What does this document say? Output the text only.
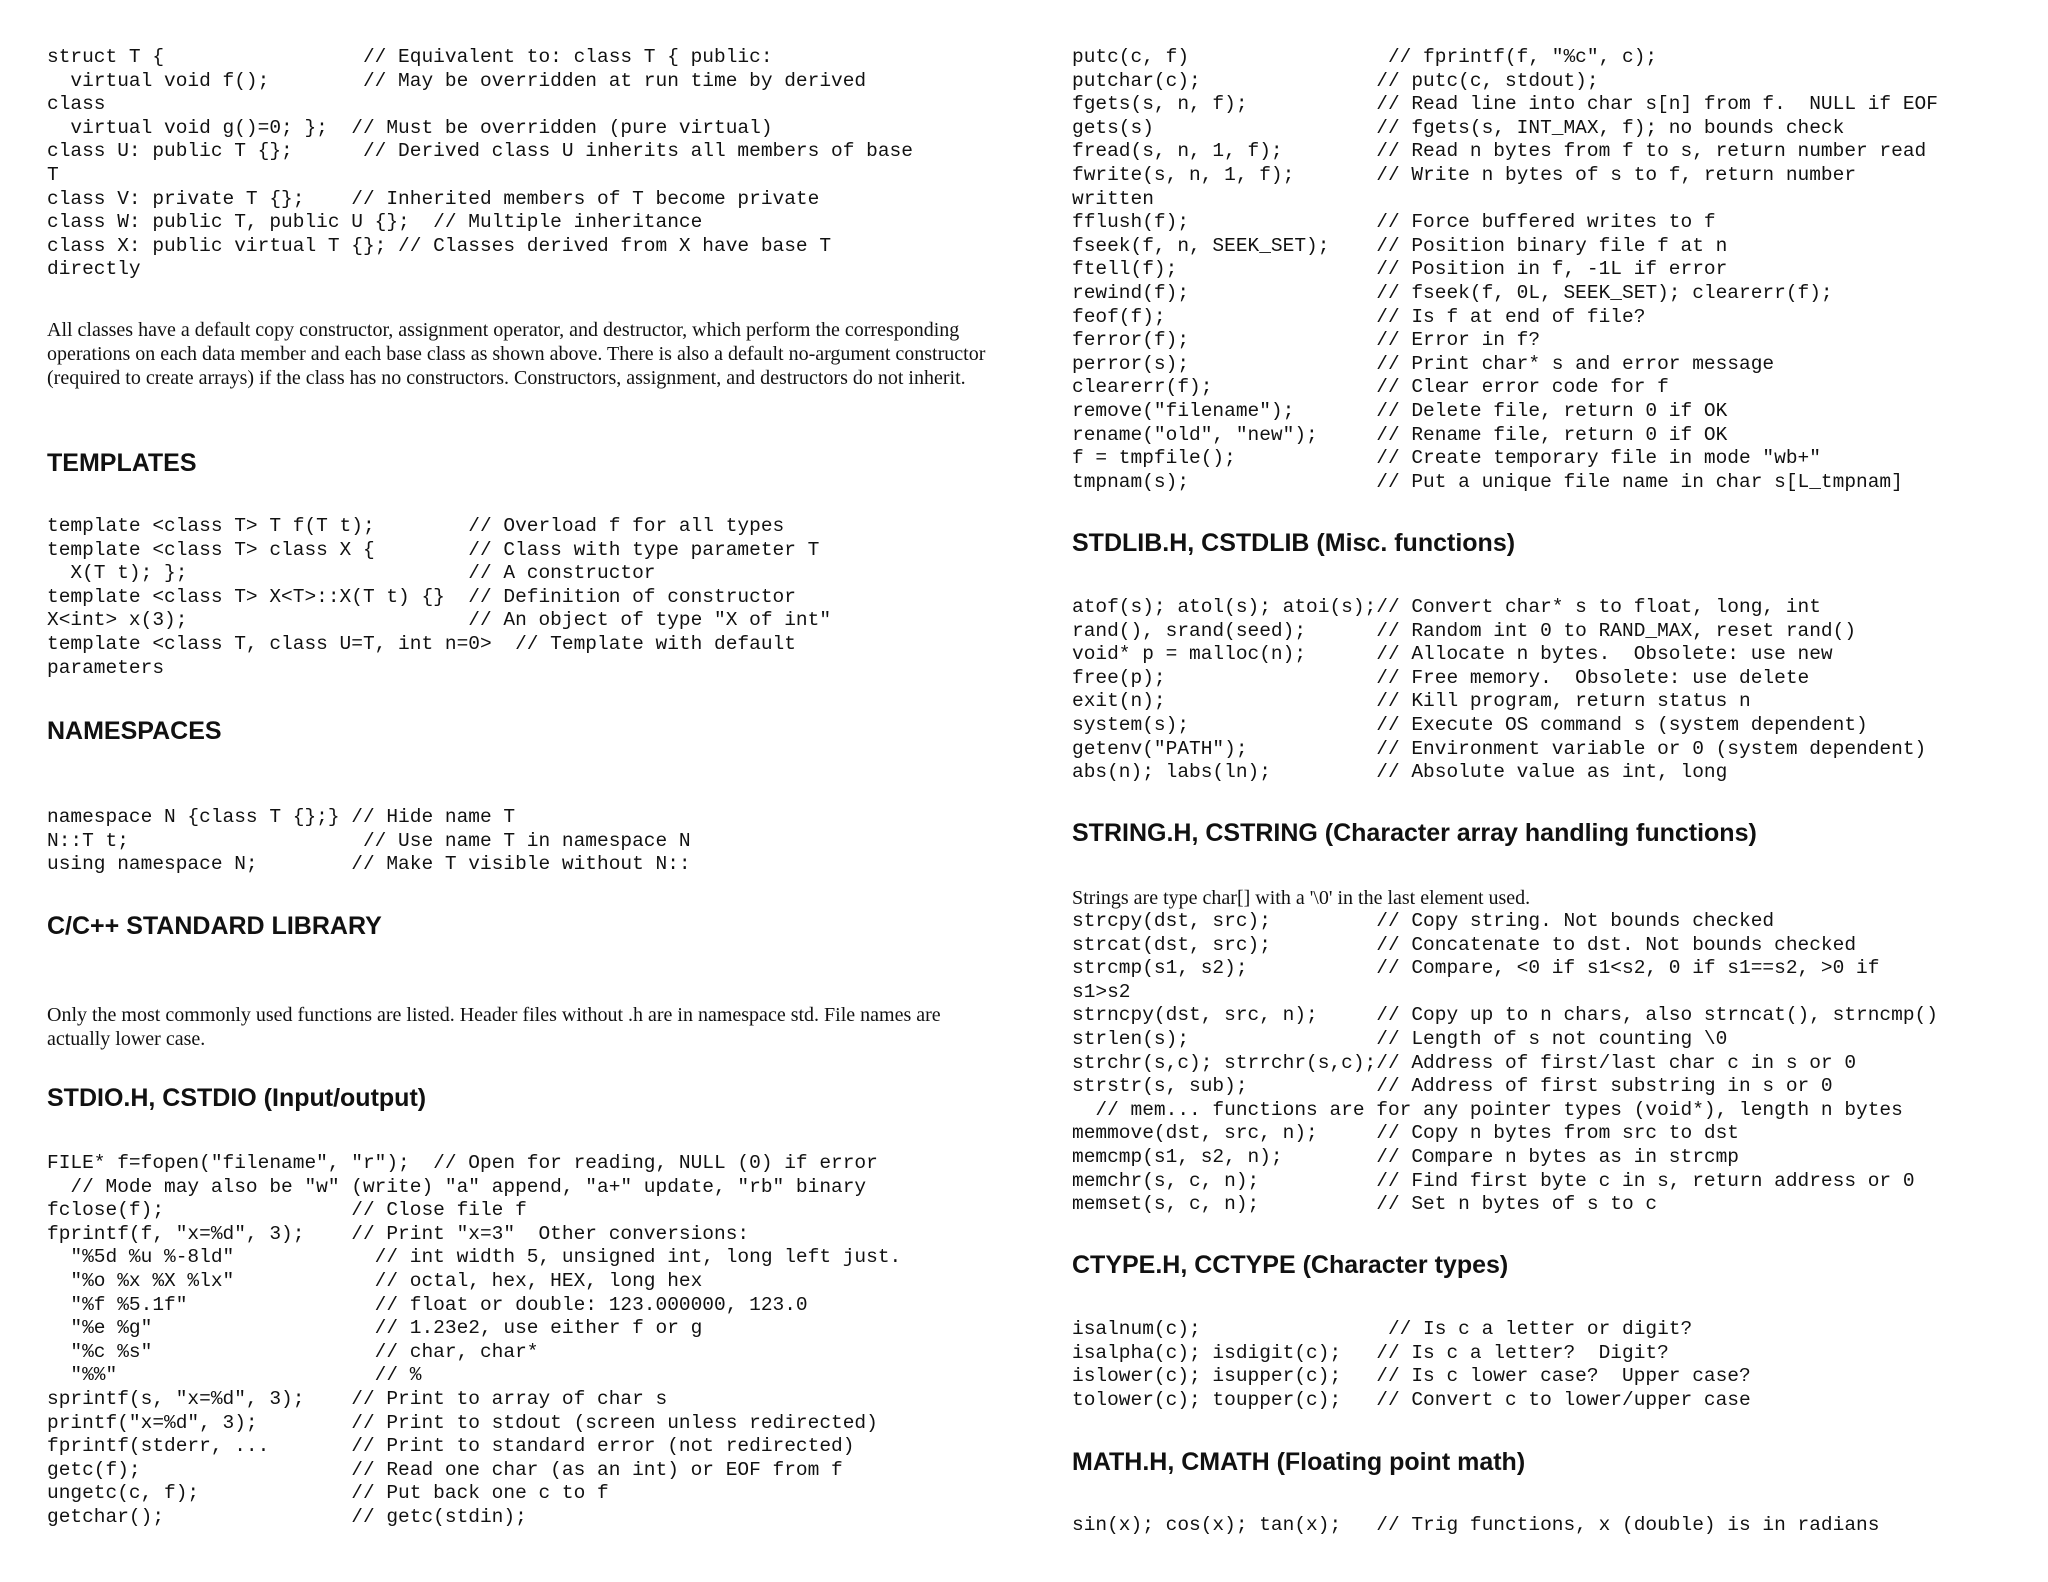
struct T {                 // Equivalent to: class T { public:
virtual void f();        // May be overridden at run time by derived
class
virtual void g()=0; };  // Must be overridden (pure virtual)
class U: public T {};      // Derived class U inherits all members of base
T
class V: private T {};    // Inherited members of T become private
class W: public T, public U {};  // Multiple inheritance
class X: public virtual T {}; // Classes derived from X have base T
directly

All classes have a default copy constructor, assignment operator, and destructor, which perform the corresponding operations on each data member and each base class as shown above. There is also a default no-argument constructor (required to create arrays) if the class has no constructors. Constructors, assignment, and destructors do not inherit.

TEMPLATES
template <class T> T f(T t);        // Overload f for all types
template <class T> class X {        // Class with type parameter T
X(T t); };                        // A constructor
template <class T> X<T>::X(T t) {}  // Definition of constructor
X<int> x(3);                        // An object of type "X of int"
template <class T, class U=T, int n=0>  // Template with default
parameters
NAMESPACES
namespace N {class T {};} // Hide name T
N::T t;                    // Use name T in namespace N
using namespace N;        // Make T visible without N::
C/C++ STANDARD LIBRARY

Only the most commonly used functions are listed. Header files without .h are in namespace std. File names are actually lower case.

STDIO.H, CSTDIO (Input/output)
FILE* f=fopen("filename", "r");  // Open for reading, NULL (0) if error
// Mode may also be "w" (write) "a" append, "a+" update, "rb" binary
fclose(f);                // Close file f
fprintf(f, "x=%d", 3);    // Print "x=3"  Other conversions:
"%5d %u %-8ld"            // int width 5, unsigned int, long left just.
"%o %x %X %lx"            // octal, hex, HEX, long hex
"%f %5.1f"                // float or double: 123.000000, 123.0
"%e %g"                   // 1.23e2, use either f or g
"%c %s"                   // char, char*
"%%"                      // %
sprintf(s, "x=%d", 3);    // Print to array of char s
printf("x=%d", 3);        // Print to stdout (screen unless redirected)
fprintf(stderr, ...       // Print to standard error (not redirected)
getc(f);                  // Read one char (as an int) or EOF from f
ungetc(c, f);             // Put back one c to f
getchar();                // getc(stdin);
putc(c, f)                 // fprintf(f, "%c", c);
putchar(c);               // putc(c, stdout);
fgets(s, n, f);           // Read line into char s[n] from f.  NULL if EOF
gets(s)                   // fgets(s, INT_MAX, f); no bounds check
fread(s, n, 1, f);        // Read n bytes from f to s, return number read
fwrite(s, n, 1, f);       // Write n bytes of s to f, return number
written
fflush(f);                // Force buffered writes to f
fseek(f, n, SEEK_SET);    // Position binary file f at n
ftell(f);                 // Position in f, -1L if error
rewind(f);                // fseek(f, 0L, SEEK_SET); clearerr(f);
feof(f);                  // Is f at end of file?
ferror(f);                // Error in f?
perror(s);                // Print char* s and error message
clearerr(f);              // Clear error code for f
remove("filename");       // Delete file, return 0 if OK
rename("old", "new");     // Rename file, return 0 if OK
f = tmpfile();            // Create temporary file in mode "wb+"
tmpnam(s);                // Put a unique file name in char s[L_tmpnam]
STDLIB.H, CSTDLIB (Misc. functions)
atof(s); atol(s); atoi(s);// Convert char* s to float, long, int
rand(), srand(seed);      // Random int 0 to RAND_MAX, reset rand()
void* p = malloc(n);      // Allocate n bytes.  Obsolete: use new
free(p);                  // Free memory.  Obsolete: use delete
exit(n);                  // Kill program, return status n
system(s);                // Execute OS command s (system dependent)
getenv("PATH");           // Environment variable or 0 (system dependent)
abs(n); labs(ln);         // Absolute value as int, long
STRING.H, CSTRING (Character array handling functions)

Strings are type char[] with a '\0' in the last element used.

strcpy(dst, src);         // Copy string. Not bounds checked
strcat(dst, src);         // Concatenate to dst. Not bounds checked
strcmp(s1, s2);           // Compare, <0 if s1<s2, 0 if s1==s2, >0 if
s1>s2
strncpy(dst, src, n);     // Copy up to n chars, also strncat(), strncmp()
strlen(s);                // Length of s not counting \0
strchr(s,c); strrchr(s,c);// Address of first/last char c in s or 0
strstr(s, sub);           // Address of first substring in s or 0
// mem... functions are for any pointer types (void*), length n bytes
memmove(dst, src, n);     // Copy n bytes from src to dst
memcmp(s1, s2, n);        // Compare n bytes as in strcmp
memchr(s, c, n);          // Find first byte c in s, return address or 0
memset(s, c, n);          // Set n bytes of s to c
CTYPE.H, CCTYPE (Character types)
isalnum(c);                // Is c a letter or digit?
isalpha(c); isdigit(c);   // Is c a letter?  Digit?
islower(c); isupper(c);   // Is c lower case?  Upper case?
tolower(c); toupper(c);   // Convert c to lower/upper case
MATH.H, CMATH (Floating point math)
sin(x); cos(x); tan(x);   // Trig functions, x (double) is in radians
